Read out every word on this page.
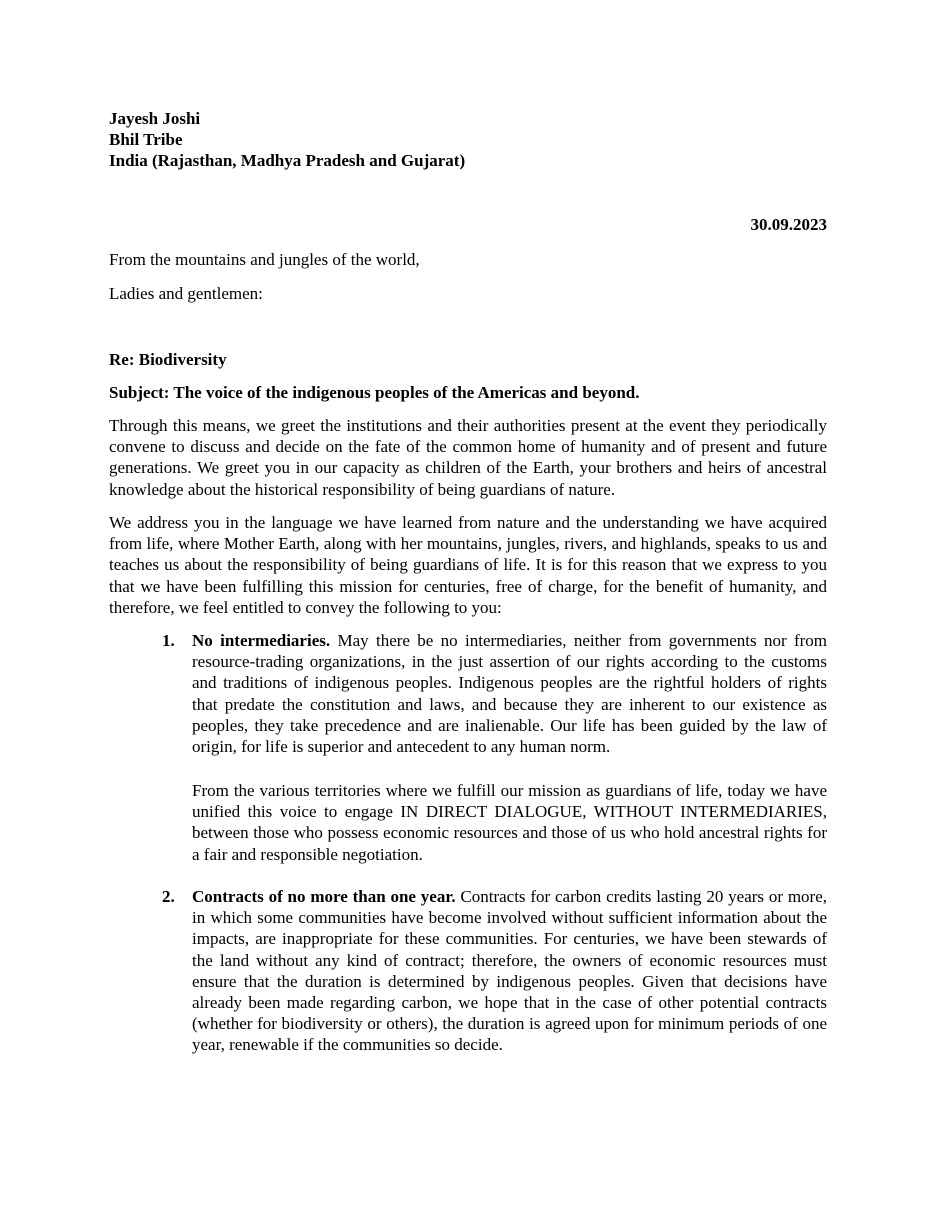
Jayesh Joshi
Bhil Tribe
India (Rajasthan, Madhya Pradesh and Gujarat)
30.09.2023
From the mountains and jungles of the world,
Ladies and gentlemen:
Re: Biodiversity
Subject: The voice of the indigenous peoples of the Americas and beyond.
Through this means, we greet the institutions and their authorities present at the event they periodically convene to discuss and decide on the fate of the common home of humanity and of present and future generations. We greet you in our capacity as children of the Earth, your brothers and heirs of ancestral knowledge about the historical responsibility of being guardians of nature.
We address you in the language we have learned from nature and the understanding we have acquired from life, where Mother Earth, along with her mountains, jungles, rivers, and highlands, speaks to us and teaches us about the responsibility of being guardians of life. It is for this reason that we express to you that we have been fulfilling this mission for centuries, free of charge, for the benefit of humanity, and therefore, we feel entitled to convey the following to you:
1. No intermediaries. May there be no intermediaries, neither from governments nor from resource-trading organizations, in the just assertion of our rights according to the customs and traditions of indigenous peoples. Indigenous peoples are the rightful holders of rights that predate the constitution and laws, and because they are inherent to our existence as peoples, they take precedence and are inalienable. Our life has been guided by the law of origin, for life is superior and antecedent to any human norm.
From the various territories where we fulfill our mission as guardians of life, today we have unified this voice to engage IN DIRECT DIALOGUE, WITHOUT INTERMEDIARIES, between those who possess economic resources and those of us who hold ancestral rights for a fair and responsible negotiation.
2. Contracts of no more than one year. Contracts for carbon credits lasting 20 years or more, in which some communities have become involved without sufficient information about the impacts, are inappropriate for these communities. For centuries, we have been stewards of the land without any kind of contract; therefore, the owners of economic resources must ensure that the duration is determined by indigenous peoples. Given that decisions have already been made regarding carbon, we hope that in the case of other potential contracts (whether for biodiversity or others), the duration is agreed upon for minimum periods of one year, renewable if the communities so decide.
